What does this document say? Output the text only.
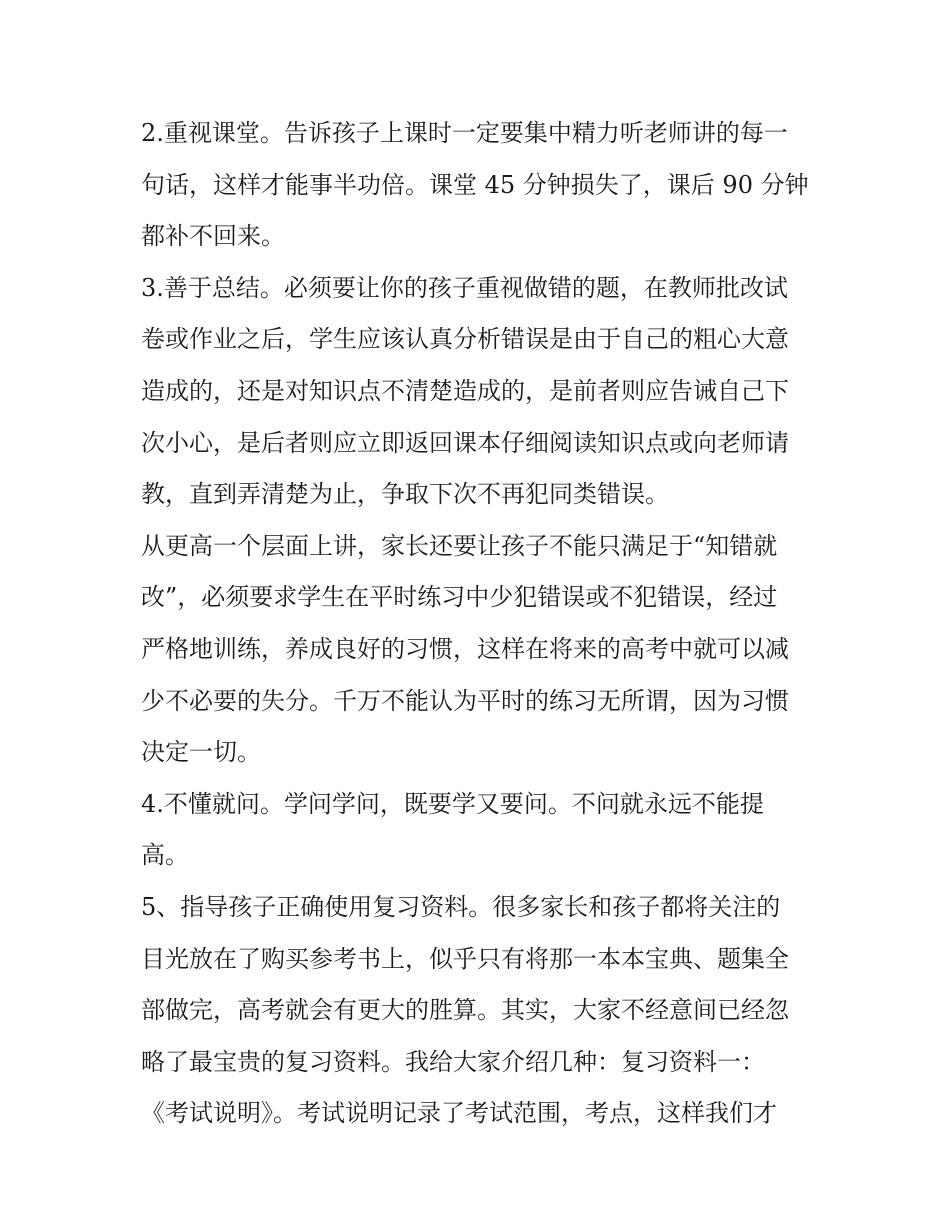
2.重视课堂。告诉孩子上课时一定要集中精力听老师讲的每一
句话，这样才能事半功倍。课堂 45 分钟损失了，课后 90 分钟
都补不回来。
3.善于总结。必须要让你的孩子重视做错的题，在教师批改试
卷或作业之后，学生应该认真分析错误是由于自己的粗心大意
造成的，还是对知识点不清楚造成的，是前者则应告诫自己下
次小心，是后者则应立即返回课本仔细阅读知识点或向老师请
教，直到弄清楚为止，争取下次不再犯同类错误。
从更高一个层面上讲，家长还要让孩子不能只满足于“知错就
改”，必须要求学生在平时练习中少犯错误或不犯错误，经过
严格地训练，养成良好的习惯，这样在将来的高考中就可以减
少不必要的失分。千万不能认为平时的练习无所谓，因为习惯
决定一切。
4.不懂就问。学问学问，既要学又要问。不问就永远不能提
高。
5、指导孩子正确使用复习资料。很多家长和孩子都将关注的
目光放在了购买参考书上，似乎只有将那一本本宝典、题集全
部做完，高考就会有更大的胜算。其实，大家不经意间已经忽
略了最宝贵的复习资料。我给大家介绍几种：复习资料一：
《考试说明》。考试说明记录了考试范围，考点，这样我们才
